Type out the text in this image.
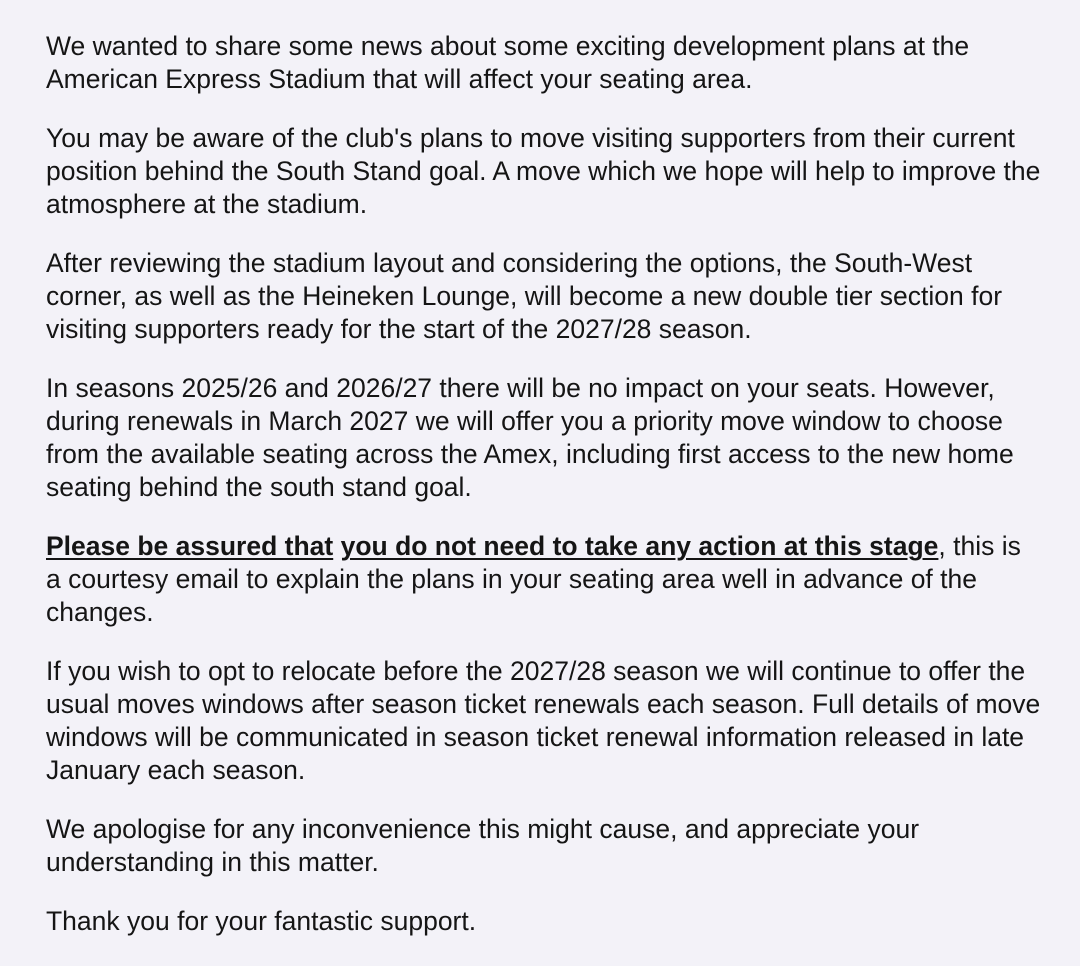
We wanted to share some news about some exciting development plans at the American Express Stadium that will affect your seating area.

You may be aware of the club's plans to move visiting supporters from their current position behind the South Stand goal. A move which we hope will help to improve the atmosphere at the stadium.

After reviewing the stadium layout and considering the options, the South-West corner, as well as the Heineken Lounge, will become a new double tier section for visiting supporters ready for the start of the 2027/28 season.

In seasons 2025/26 and 2026/27 there will be no impact on your seats. However, during renewals in March 2027 we will offer you a priority move window to choose from the available seating across the Amex, including first access to the new home seating behind the south stand goal.

Please be assured that you do not need to take any action at this stage, this is a courtesy email to explain the plans in your seating area well in advance of the changes.

If you wish to opt to relocate before the 2027/28 season we will continue to offer the usual moves windows after season ticket renewals each season. Full details of move windows will be communicated in season ticket renewal information released in late January each season.

We apologise for any inconvenience this might cause, and appreciate your understanding in this matter.

Thank you for your fantastic support.
